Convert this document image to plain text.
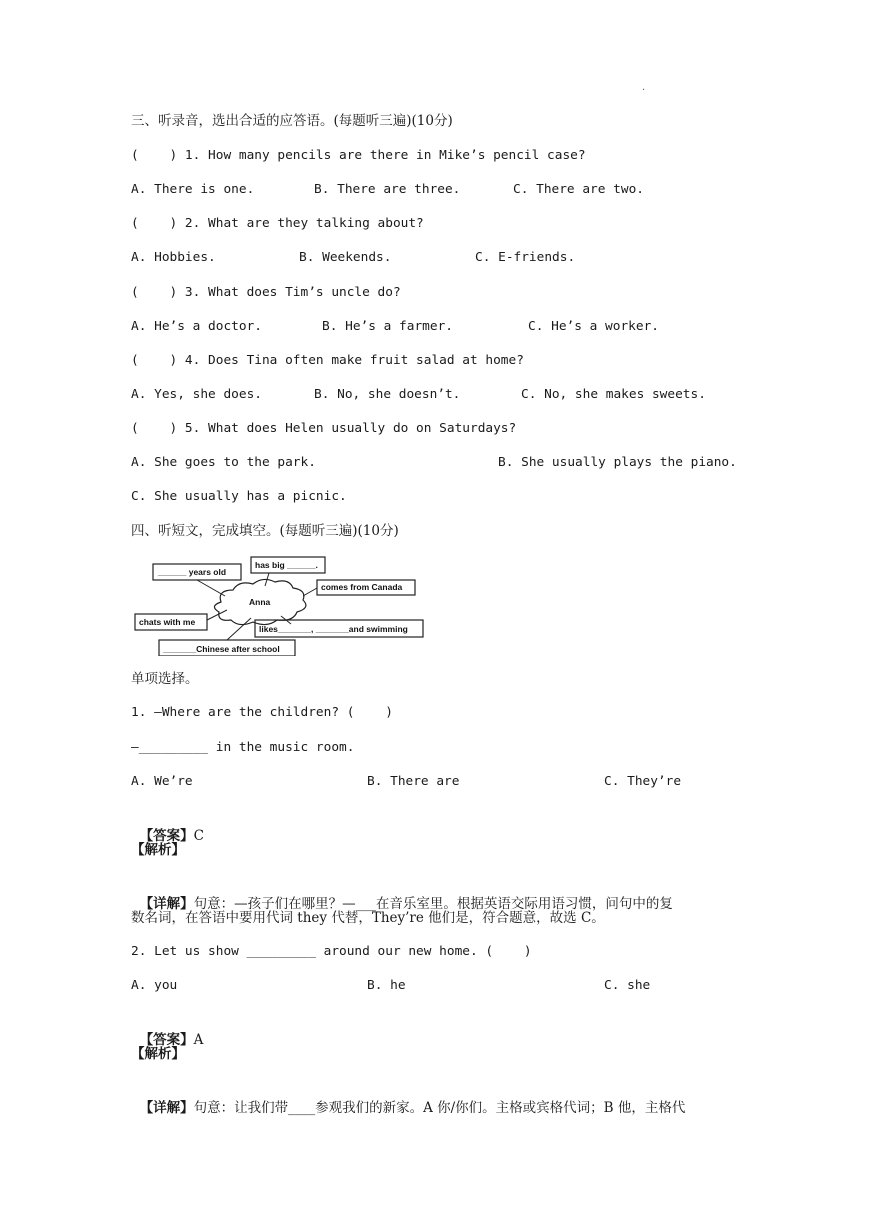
.
三、听录音，选出合适的应答语。(每题听三遍)(10分)
(    ) 1. How many pencils are there in Mike’s pencil case?
A. There is one.	B. There are three.	C. There are two.
(    ) 2. What are they talking about?
A. Hobbies.	B. Weekends.	C. E-friends.
(    ) 3. What does Tim’s uncle do?
A. He’s a doctor.	B. He’s a farmer.	C. He’s a worker.
(    ) 4. Does Tina often make fruit salad at home?
A. Yes, she does.	B. No, she doesn’t.	C. No, she makes sweets.
(    ) 5. What does Helen usually do on Saturdays?
A. She goes to the park.	B. She usually plays the piano.
C. She usually has a picnic.
四、听短文，完成填空。(每题听三遍)(10分)
______ years old
has big ______.
comes from Canada
chats with me
likes_______, _______and swimming
_______Chinese after school
Anna
单项选择。
1. —Where are the children? (    )
—_________ in the music room.
A. We’re	B. There are	C. They’re

【答案】C

【解析】

【详解】句意：—孩子们在哪里？—___在音乐室里。根据英语交际用语习惯，问句中的复

数名词，在答语中要用代词 they 代替，They’re 他们是，符合题意，故选 C。
2. Let us show _________ around our new home. (    )
A. you	B. he	C. she

【答案】A

【解析】

【详解】句意：让我们带____参观我们的新家。A 你/你们。主格或宾格代词；B 他，主格代
